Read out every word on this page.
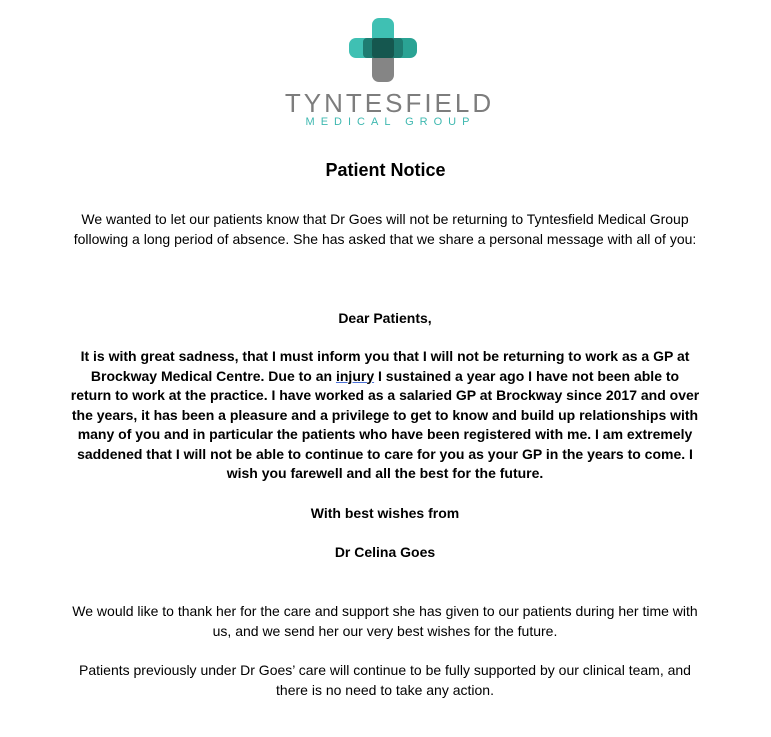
TYNTESFIELD
MEDICAL GROUP
Patient Notice

We wanted to let our patients know that Dr Goes will not be returning to Tyntesfield Medical Group following a long period of absence. She has asked that we share a personal message with all of you:

Dear Patients,

It is with great sadness, that I must inform you that I will not be returning to work as a GP at Brockway Medical Centre. Due to an injury I sustained a year ago I have not been able to return to work at the practice. I have worked as a salaried GP at Brockway since 2017 and over the years, it has been a pleasure and a privilege to get to know and build up relationships with many of you and in particular the patients who have been registered with me. I am extremely saddened that I will not be able to continue to care for you as your GP in the years to come. I wish you farewell and all the best for the future.

With best wishes from

Dr Celina Goes

We would like to thank her for the care and support she has given to our patients during her time with us, and we send her our very best wishes for the future.

Patients previously under Dr Goes’ care will continue to be fully supported by our clinical team, and there is no need to take any action.
